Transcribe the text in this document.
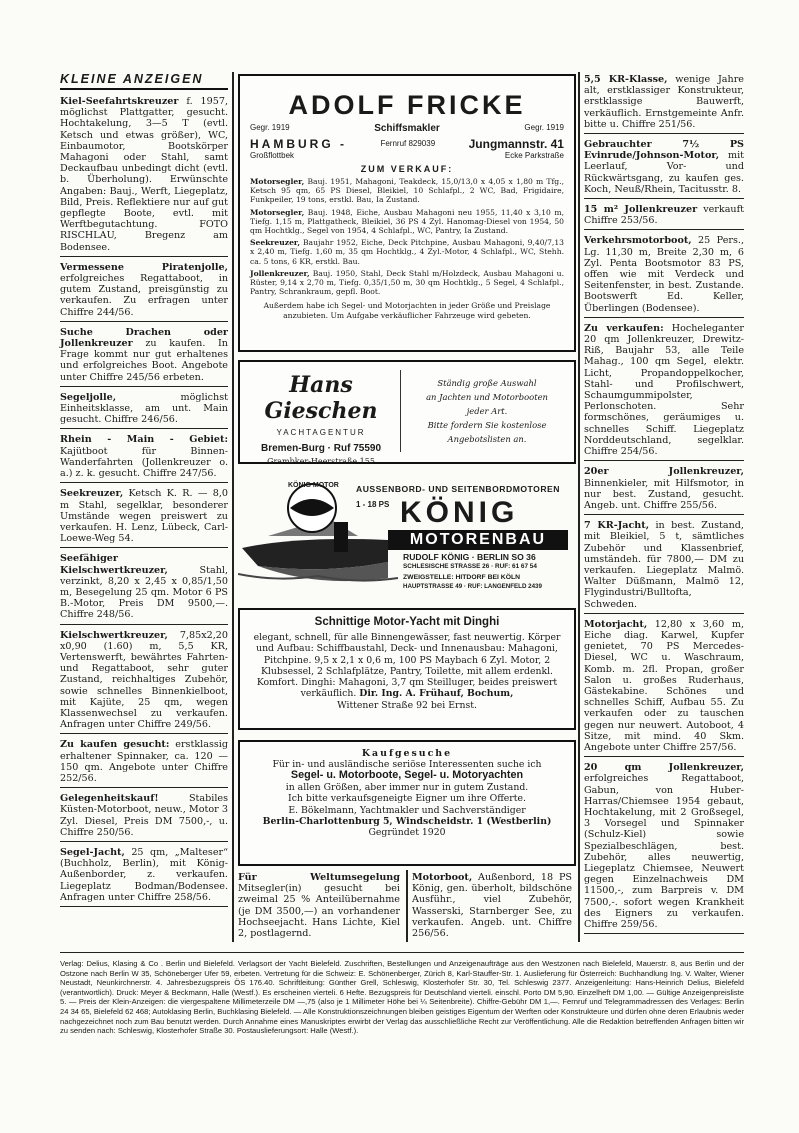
KLEINE ANZEIGEN
Kiel-Seefahrtskreuzer f. 1957, möglichst Plattgatter, gesucht. Hochtakelung, 3—5 T (evtl. Ketsch und etwas größer), WC, Einbaumotor, Bootskörper Mahagoni oder Stahl, samt Deckaufbau unbedingt dicht (evtl. b. Überholung). Erwünschte Angaben: Bauj., Werft, Liegeplatz, Bild, Preis. Reflektiere nur auf gut gepflegte Boote, evtl. mit Werftbegutachtung. FOTO RISCHLAU, Bregenz am Bodensee.
Vermessene Piratenjolle, erfolgreiches Regattaboot, in gutem Zustand, preisgünstig zu verkaufen. Zu erfragen unter Chiffre 244/56.
Suche Drachen oder Jollenkreuzer zu kaufen. In Frage kommt nur gut erhaltenes und erfolgreiches Boot. Angebote unter Chiffre 245/56 erbeten.
Segeljolle, möglichst Einheitsklasse, am unt. Main gesucht. Chiffre 246/56.
Rhein - Main - Gebiet: Kajütboot für Binnen-Wanderfahrten (Jollenkreuzer o. a.) z. k. gesucht. Chiffre 247/56.
Seekreuzer, Ketsch K. R. — 8,0 m Stahl, segelklar, besonderer Umstände wegen preiswert zu verkaufen. H. Lenz, Lübeck, Carl-Loewe-Weg 54.
Seefähiger Kielschwertkreuzer, Stahl, verzinkt, 8,20 x 2,45 x 0,85/1,50 m, Besegelung 25 qm. Motor 6 PS B.-Motor, Preis DM 9500,—. Chiffre 248/56.
Kielschwertkreuzer, 7,85x2,20 x0,90 (1.60) m, 5,5 KR, Vertenswerft, bewährtes Fahrten- und Regattaboot, sehr guter Zustand, reichhaltiges Zubehör, sowie schnelles Binnenkielboot, mit Kajüte, 25 qm, wegen Klassenwechsel zu verkaufen. Anfragen unter Chiffre 249/56.
Zu kaufen gesucht: erstklassig erhaltener Spinnaker, ca. 120 — 150 qm. Angebote unter Chiffre 252/56.
Gelegenheitskauf! Stabiles Küsten-Motorboot, neuw., Motor 3 Zyl. Diesel, Preis DM 7500,-, u. Chiffre 250/56.
Segel-Jacht, 25 qm, „Malteser“ (Buchholz, Berlin), mit König-Außenborder, z. verkaufen. Liegeplatz Bodman/Bodensee. Anfragen unter Chiffre 258/56.
ADOLF FRICKE
Gegr. 1919	Schiffsmakler	Gegr. 1919
HAMBURG -	Fernruf 829039	Jungmannstr. 41
Großflottbek	Ecke Parkstraße
ZUM VERKAUF:
Motorsegler, Bauj. 1951, Mahagoni, Teakdeck, 15,0/13,0 x 4,05 x 1,80 m Tfg., Ketsch 95 qm, 65 PS Diesel, Bleikiel, 10 Schlafpl., 2 WC, Bad, Frigidaire, Funkpeiler, 19 tons, erstkl. Bau, Ia Zustand.
Motorsegler, Bauj. 1948, Eiche, Ausbau Mahagoni neu 1955, 11,40 x 3,10 m, Tiefg. 1,15 m, Plattgatheck, Bleikiel, 36 PS 4 Zyl. Hanomag-Diesel von 1954, 50 qm Hochtklg., Segel von 1954, 4 Schlafpl., WC, Pantry, Ia Zustand.
Seekreuzer, Baujahr 1952, Eiche, Deck Pitchpine, Ausbau Mahagoni, 9,40/7,13 x 2,40 m, Tiefg. 1,60 m, 35 qm Hochtklg., 4 Zyl.-Motor, 4 Schlafpl., WC, Stehh. ca. 5 tons, 6 KR, erstkl. Bau.
Jollenkreuzer, Bauj. 1950, Stahl, Deck Stahl m/Holzdeck, Ausbau Mahagoni u. Rüster, 9,14 x 2,70 m, Tiefg. 0,35/1,50 m, 30 qm Hochtklg., 5 Segel, 4 Schlafpl., Pantry, Schrankraum, gepfl. Boot.
Außerdem habe ich Segel- und Motorjachten in jeder Größe und Preislage anzubieten. Um Aufgabe verkäuflicher Fahrzeuge wird gebeten.
Hans Gieschen
YACHTAGENTUR
Bremen-Burg · Ruf 75590
Grambker-Heerstraße 155
Ständig große Auswahl
an Jachten und Motorbooten
jeder Art.
Bitte fordern Sie kostenlose
Angebotslisten an.
KÖNIG MOTOR AUSSENBORD- UND SEITENBORDMOTOREN
1 - 18 PS KÖNIG
MOTORENBAU
RUDOLF KÖNIG · BERLIN SO 36
SCHLESISCHE STRASSE 26 · RUF: 61 67 54
ZWEIGSTELLE: HITDORF BEI KÖLN
HAUPTSTRASSE 49 · RUF: LANGENFELD 2439
Schnittige Motor-Yacht mit Dinghi
elegant, schnell, für alle Binnengewässer, fast neuwertig. Körper und Aufbau: Schiffbaustahl, Deck- und Innenausbau: Mahagoni, Pitchpine. 9,5 x 2,1 x 0,6 m, 100 PS Maybach 6 Zyl. Motor, 2 Klubsessel, 2 Schlafplätze, Pantry, Toilette, mit allem erdenkl. Komfort. Dinghi: Mahagoni, 3,7 qm Steilluger, beides preiswert verkäuflich. Dir. Ing. A. Frühauf, Bochum,
Wittener Straße 92 bei Ernst.
Kaufgesuche
Für in- und ausländische seriöse Interessenten suche ich
Segel- u. Motorboote, Segel- u. Motoryachten
in allen Größen, aber immer nur in gutem Zustand.
Ich bitte verkaufsgeneigte Eigner um ihre Offerte.
E. Bökelmann, Yachtmakler und Sachverständiger
Berlin-Charlottenburg 5, Windscheidstr. 1 (Westberlin)
Gegründet 1920
Für Weltumsegelung Mitsegler(in) gesucht bei zweimal 25 % Anteilübernahme (je DM 3500,—) an vorhandener Hochseejacht. Hans Lichte, Kiel 2, postlagernd.
Motorboot, Außenbord, 18 PS König, gen. überholt, bildschöne Ausführ., viel Zubehör, Wasserski, Starnberger See, zu verkaufen. Angeb. unt. Chiffre 256/56.
5,5 KR-Klasse, wenige Jahre alt, erstklassiger Konstrukteur, erstklassige Bauwerft, verkäuflich. Ernstgemeinte Anfr. bitte u. Chiffre 251/56.
Gebrauchter 7½ PS Evinrude/Johnson-Motor, mit Leerlauf, Vor- und Rückwärtsgang, zu kaufen ges. Koch, Neuß/Rhein, Tacitusstr. 8.
15 m² Jollenkreuzer verkauft Chiffre 253/56.
Verkehrsmotorboot, 25 Pers., Lg. 11,30 m, Breite 2,30 m, 6 Zyl. Penta Bootsmotor 83 PS, offen wie mit Verdeck und Seitenfenster, in best. Zustande. Bootswerft Ed. Keller, Überlingen (Bodensee).
Zu verkaufen: Hocheleganter 20 qm Jollenkreuzer, Drewitz-Riß, Baujahr 53, alle Teile Mahag., 100 qm Segel, elektr. Licht, Propandoppelkocher, Stahl- und Profilschwert, Schaumgummipolster, Perlonschoten. Sehr formschönes, geräumiges u. schnelles Schiff. Liegeplatz Norddeutschland, segelklar. Chiffre 254/56.
20er Jollenkreuzer, Binnenkieler, mit Hilfsmotor, in nur best. Zustand, gesucht. Angeb. unt. Chiffre 255/56.
7 KR-Jacht, in best. Zustand, mit Bleikiel, 5 t, sämtliches Zubehör und Klassenbrief, umständeh. für 7800,— DM zu verkaufen. Liegeplatz Malmö. Walter Düßmann, Malmö 12, Flygindustri/Bulltofta, Schweden.
Motorjacht, 12,80 x 3,60 m, Eiche diag. Karwel, Kupfer genietet, 70 PS Mercedes-Diesel, WC u. Waschraum, Komb. m. 2fl. Propan, großer Salon u. großes Ruderhaus, Gästekabine. Schönes und schnelles Schiff, Aufbau 55. Zu verkaufen oder zu tauschen gegen nur neuwert. Autoboot, 4 Sitze, mit mind. 40 Skm. Angebote unter Chiffre 257/56.
20 qm Jollenkreuzer, erfolgreiches Regattaboot, Gabun, von Huber-Harras/Chiemsee 1954 gebaut, Hochtakelung, mit 2 Großsegel, 3 Vorsegel und Spinnaker (Schulz-Kiel) sowie Spezialbeschlägen, best. Zubehör, alles neuwertig, Liegeplatz Chiemsee, Neuwert gegen Einzelnachweis DM 11500,-, zum Barpreis v. DM 7500,-. sofort wegen Krankheit des Eigners zu verkaufen. Chiffre 259/56.
Verlag: Delius, Klasing & Co . Berlin und Bielefeld. Verlagsort der Yacht Bielefeld. Zuschriften, Bestellungen und Anzeigenaufträge aus den Westzonen nach Bielefeld, Mauerstr. 8, aus Berlin und der Ostzone nach Berlin W 35, Schöneberger Ufer 59, erbeten. Vertretung für die Schweiz: E. Schönenberger, Zürich 8, Karl-Stauffer-Str. 1. Auslieferung für Österreich: Buchhandlung Ing. V. Walter, Wiener Neustadt, Neunkirchnerstr. 4. Jahresbezugspreis ÖS 176.40. Schriftleitung: Günther Grell, Schleswig, Klosterhofer Str. 30, Tel. Schleswig 2377. Anzeigenleitung: Hans-Heinrich Delius, Bielefeld (verantwortlich). Druck: Meyer & Beckmann, Halle (Westf.). Es erscheinen vierteli. 6 Hefte. Bezugspreis für Deutschland vierteli. einschl. Porto DM 5,90. Einzelheft DM 1,00. — Gültige Anzeigenpreisliste 5. — Preis der Klein-Anzeigen: die viergespaltene Millimeterzeile DM —,75 (also je 1 Millimeter Höhe bei ¼ Seitenbreite). Chiffre-Gebühr DM 1,—. Fernruf und Telegrammadressen des Verlages: Berlin 24 34 65, Bielefeld 62 468; Autoklasing Berlin, Buchklasing Bielefeld. — Alle Konstruktionszeichnungen bleiben geistiges Eigentum der Werften oder Konstrukteure und dürfen ohne deren Erlaubnis weder nachgezeichnet noch zum Bau benutzt werden. Durch Annahme eines Manuskriptes erwirbt der Verlag das ausschließliche Recht zur Veröffentlichung. Alle die Redaktion betreffenden Anfragen bitten wir zu senden nach: Schleswig, Klosterhofer Straße 30. Postauslieferungsort: Halle (Westf.).
